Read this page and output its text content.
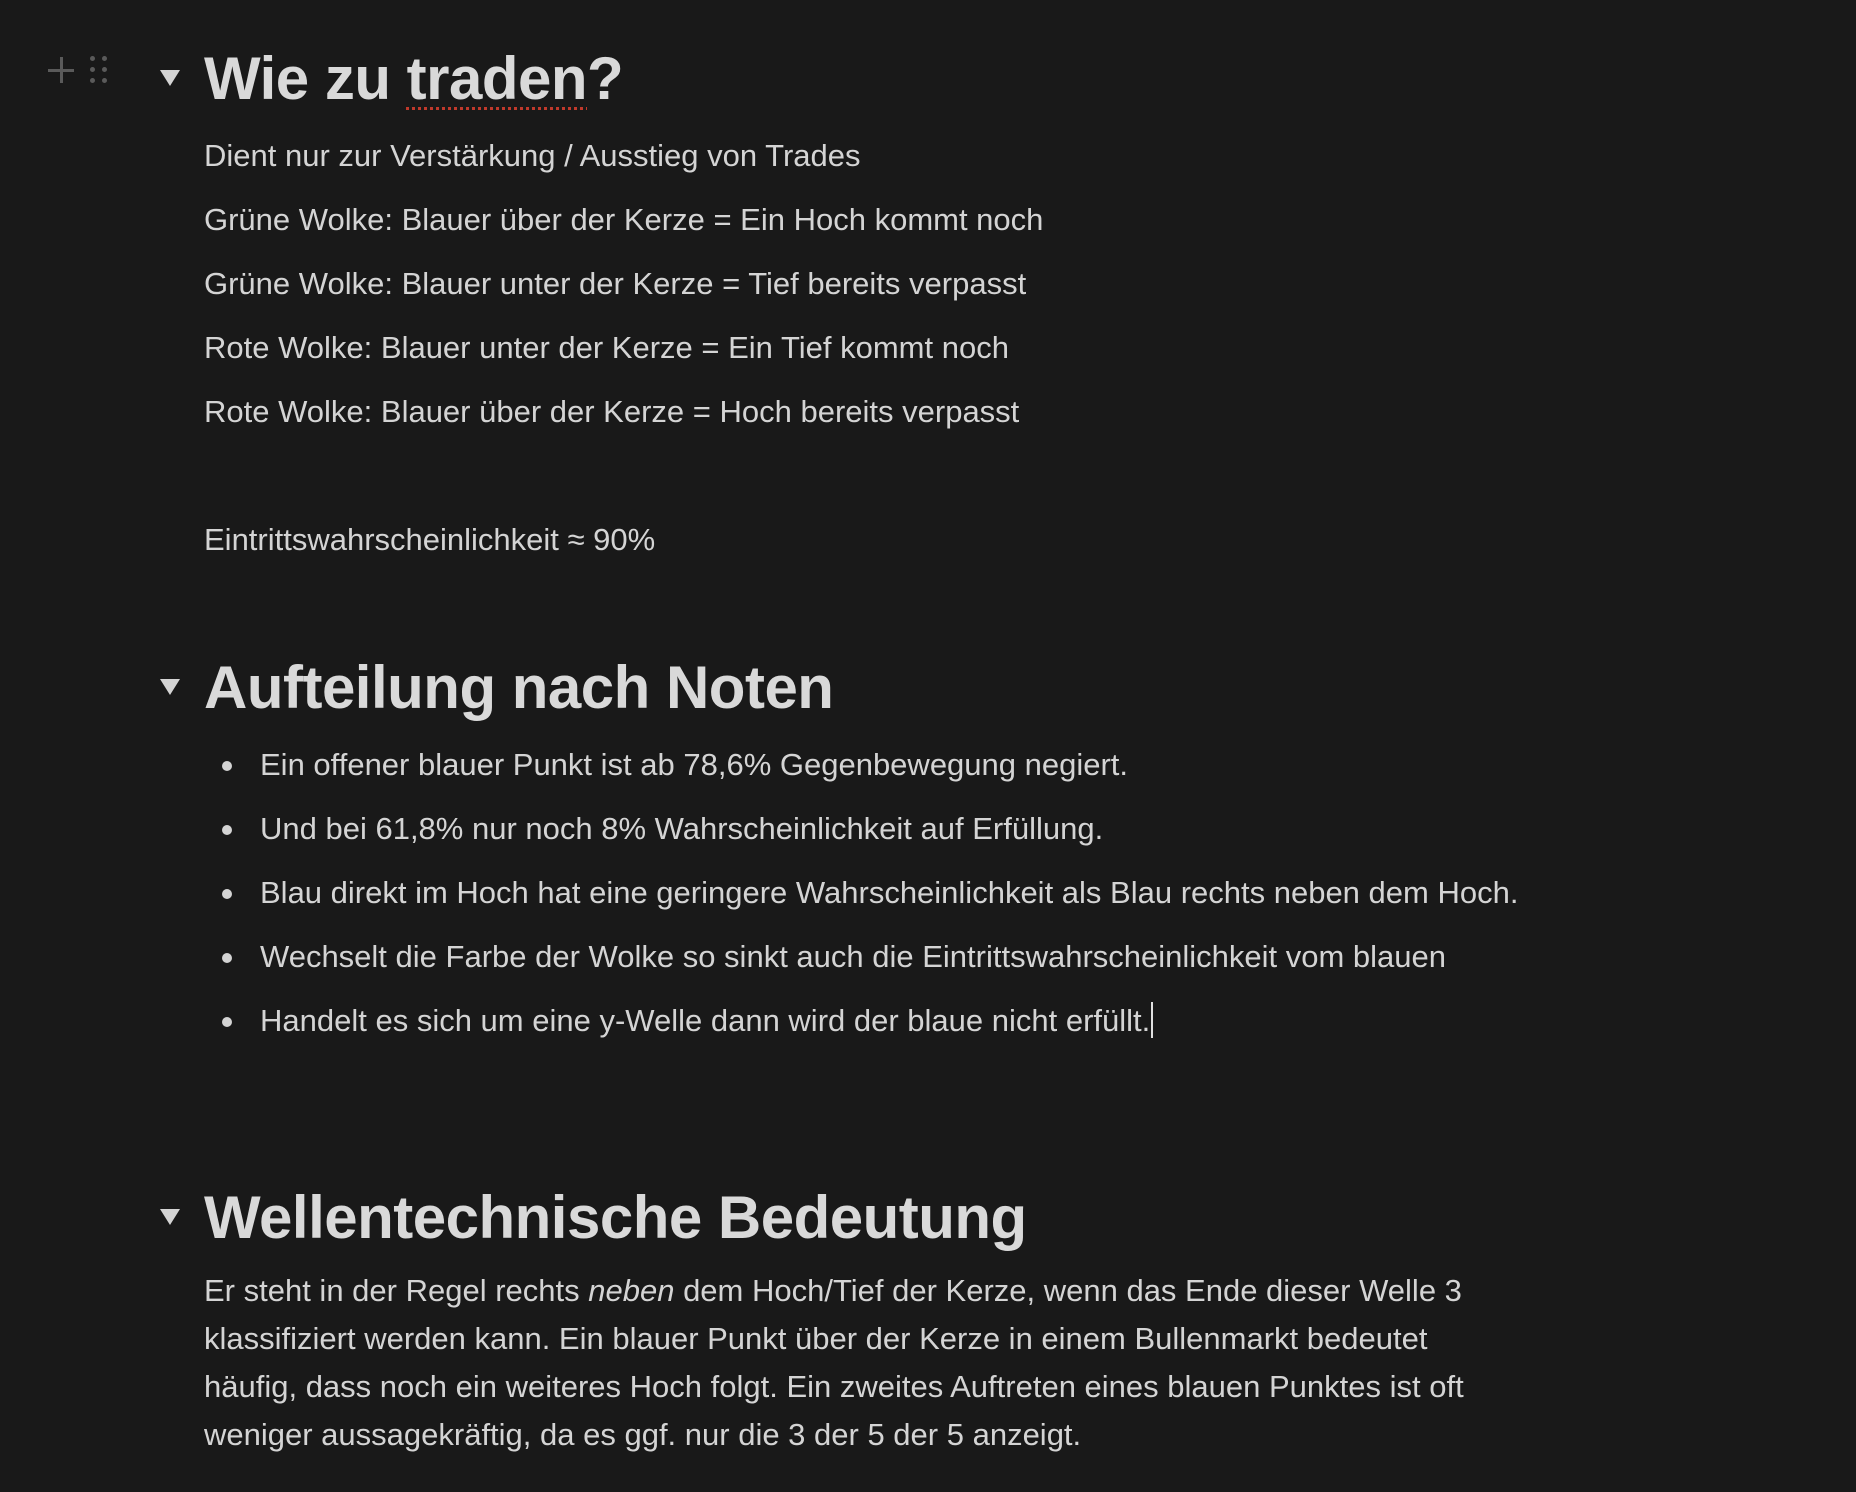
Wie zu traden?
Dient nur zur Verstärkung / Ausstieg von Trades
Grüne Wolke: Blauer über der Kerze = Ein Hoch kommt noch
Grüne Wolke: Blauer unter der Kerze = Tief bereits verpasst
Rote Wolke: Blauer unter der Kerze = Ein Tief kommt noch
Rote Wolke: Blauer über der Kerze = Hoch bereits verpasst
Eintrittswahrscheinlichkeit ≈ 90%
Aufteilung nach Noten
Ein offener blauer Punkt ist ab 78,6% Gegenbewegung negiert.
Und bei 61,8% nur noch 8% Wahrscheinlichkeit auf Erfüllung.
Blau direkt im Hoch hat eine geringere Wahrscheinlichkeit als Blau rechts neben dem Hoch.
Wechselt die Farbe der Wolke so sinkt auch die Eintrittswahrscheinlichkeit vom blauen
Handelt es sich um eine y-Welle dann wird der blaue nicht erfüllt.
Wellentechnische Bedeutung
Er steht in der Regel rechts neben dem Hoch/Tief der Kerze, wenn das Ende dieser Welle 3 klassifiziert werden kann. Ein blauer Punkt über der Kerze in einem Bullenmarkt bedeutet häufig, dass noch ein weiteres Hoch folgt. Ein zweites Auftreten eines blauen Punktes ist oft weniger aussagekräftig, da es ggf. nur die 3 der 5 der 5 anzeigt.
